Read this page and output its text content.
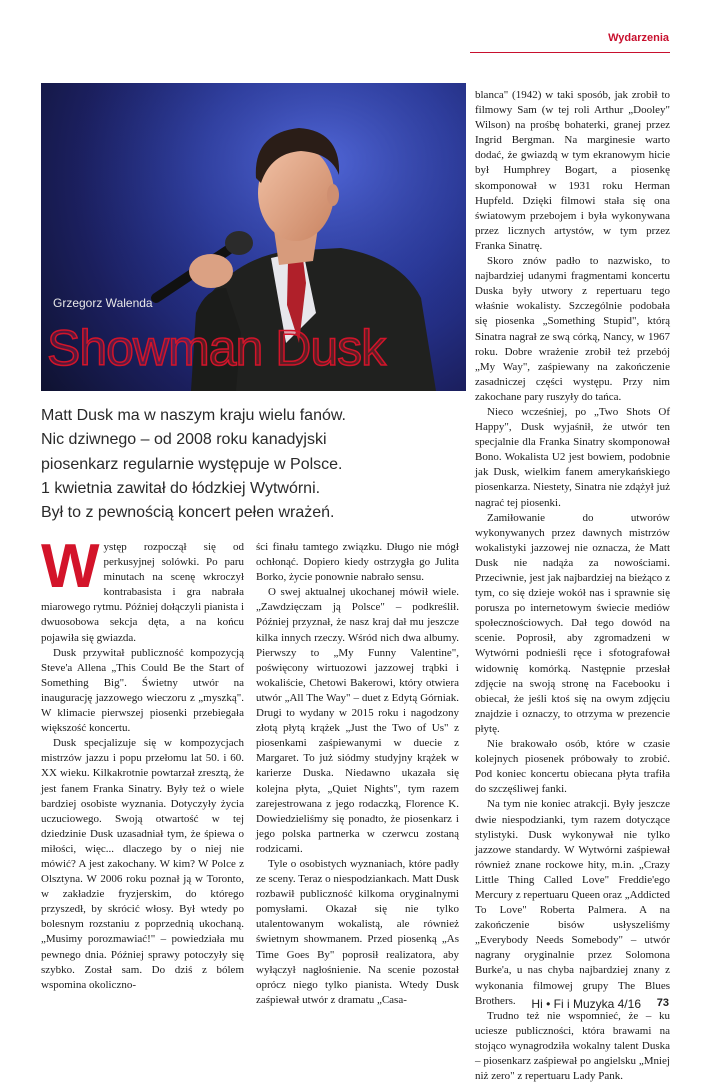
Wydarzenia
Grzegorz Walenda
Showman Dusk

Matt Dusk ma w naszym kraju wielu fanów.

Nic dziwnego – od 2008 roku kanadyjski

piosenkarz regularnie występuje w Polsce.

1 kwietnia zawitał do łódzkiej Wytwórni.

Był to z pewnością koncert pełen wrażeń.

Występ rozpoczął się od perkusyjnej solówki. Po paru minutach na scenę wkroczył kontrabasista i gra nabrała miarowego rytmu. Później dołączyli pianista i dwuosobowa sekcja dęta, a na końcu pojawiła się gwiazda.

Dusk przywitał publiczność kompozycją Steve'a Allena „This Could Be the Start of Something Big". Świetny utwór na inaugurację jazzowego wieczoru z „myszką". W klimacie pierwszej piosenki przebiegała większość koncertu.

Dusk specjalizuje się w kompozycjach mistrzów jazzu i popu przełomu lat 50. i 60. XX wieku. Kilkakrotnie powtarzał zresztą, że jest fanem Franka Sinatry. Były też o wiele bardziej osobiste wyznania. Dotyczyły życia uczuciowego. Swoją otwartość w tej dziedzinie Dusk uzasadniał tym, że śpiewa o miłości, więc... dlaczego by o niej nie mówić? A jest zakochany. W kim? W Polce z Olsztyna. W 2006 roku poznał ją w Toronto, w zakładzie fryzjerskim, do którego przyszedł, by skrócić włosy. Był wtedy po bolesnym rozstaniu z poprzednią ukochaną. „Musimy porozmawiać!" – powiedziała mu pewnego dnia. Później sprawy potoczyły się szybko. Został sam. Do dziś z bólem wspomina okoliczno-

ści finału tamtego związku. Długo nie mógł ochłonąć. Dopiero kiedy ostrzygła go Julita Borko, życie ponownie nabrało sensu.

O swej aktualnej ukochanej mówił wiele. „Zawdzięczam ją Polsce" – podkreślił. Później przyznał, że nasz kraj dał mu jeszcze kilka innych rzeczy. Wśród nich dwa albumy. Pierwszy to „My Funny Valentine", poświęcony wirtuozowi jazzowej trąbki i wokaliście, Chetowi Bakerowi, który otwiera utwór „All The Way" – duet z Edytą Górniak. Drugi to wydany w 2015 roku i nagodzony złotą płytą krążek „Just the Two of Us" z piosenkami zaśpiewanymi w duecie z Margaret. To już siódmy studyjny krążek w karierze Duska. Niedawno ukazała się kolejna płyta, „Quiet Nights", tym razem zarejestrowana z jego rodaczką, Florence K. Dowiedzieliśmy się ponadto, że piosenkarz i jego polska partnerka w czerwcu zostaną rodzicami.

Tyle o osobistych wyznaniach, które padły ze sceny. Teraz o niespodziankach. Matt Dusk rozbawił publiczność kilkoma oryginalnymi pomysłami. Okazał się nie tylko utalentowanym wokalistą, ale również świetnym showmanem. Przed piosenką „As Time Goes By" poprosił realizatora, aby wyłączył nagłośnienie. Na scenie pozostał oprócz niego tylko pianista. Wtedy Dusk zaśpiewał utwór z dramatu „Casa-

blanca" (1942) w taki sposób, jak zrobił to filmowy Sam (w tej roli Arthur „Dooley" Wilson) na prośbę bohaterki, granej przez Ingrid Bergman. Na marginesie warto dodać, że gwiazdą w tym ekranowym hicie był Humphrey Bogart, a piosenkę skomponował w 1931 roku Herman Hupfeld. Dzięki filmowi stała się ona światowym przebojem i była wykonywana przez licznych artystów, w tym przez Franka Sinatrę.

Skoro znów padło to nazwisko, to najbardziej udanymi fragmentami koncertu Duska były utwory z repertuaru tego właśnie wokalisty. Szczególnie podobała się piosenka „Something Stupid", którą Sinatra nagrał ze swą córką, Nancy, w 1967 roku. Dobre wrażenie zrobił też przebój „My Way", zaśpiewany na zakończenie zasadniczej części występu. Przy nim zakochane pary ruszyły do tańca.

Nieco wcześniej, po „Two Shots Of Happy", Dusk wyjaśnił, że utwór ten specjalnie dla Franka Sinatry skomponował Bono. Wokalista U2 jest bowiem, podobnie jak Dusk, wielkim fanem amerykańskiego piosenkarza. Niestety, Sinatra nie zdążył już nagrać tej piosenki.

Zamiłowanie do utworów wykonywanych przez dawnych mistrzów wokalistyki jazzowej nie oznacza, że Matt Dusk nie nadąża za nowościami. Przeciwnie, jest jak najbardziej na bieżąco z tym, co się dzieje wokół nas i sprawnie się porusza po internetowym świecie mediów społecznościowych. Dał tego dowód na scenie. Poprosił, aby zgromadzeni w Wytwórni podnieśli ręce i sfotografował widownię komórką. Następnie przesłał zdjęcie na swoją stronę na Facebooku i obiecał, że jeśli ktoś się na owym zdjęciu znajdzie i oznaczy, to otrzyma w prezencie płytę.

Nie brakowało osób, które w czasie kolejnych piosenek próbowały to zrobić. Pod koniec koncertu obiecana płyta trafiła do szczęśliwej fanki.

Na tym nie koniec atrakcji. Były jeszcze dwie niespodzianki, tym razem dotyczące stylistyki. Dusk wykonywał nie tylko jazzowe standardy. W Wytwórni zaśpiewał również znane rockowe hity, m.in. „Crazy Little Thing Called Love" Freddie'ego Mercury z repertuaru Queen oraz „Addicted To Love" Roberta Palmera. A na zakończenie bisów usłyszeliśmy „Everybody Needs Somebody" – utwór nagrany oryginalnie przez Solomona Burke'a, u nas chyba najbardziej znany z wykonania filmowej grupy The Blues Brothers.

Trudno też nie wspomnieć, że – ku uciesze publiczności, która brawami na stojąco wynagrodziła wokalny talent Duska – piosenkarz zaśpiewał po angielsku „Mniej niż zero" z repertuaru Lady Pank.

Hi • Fi i Muzyka 4/16 73
